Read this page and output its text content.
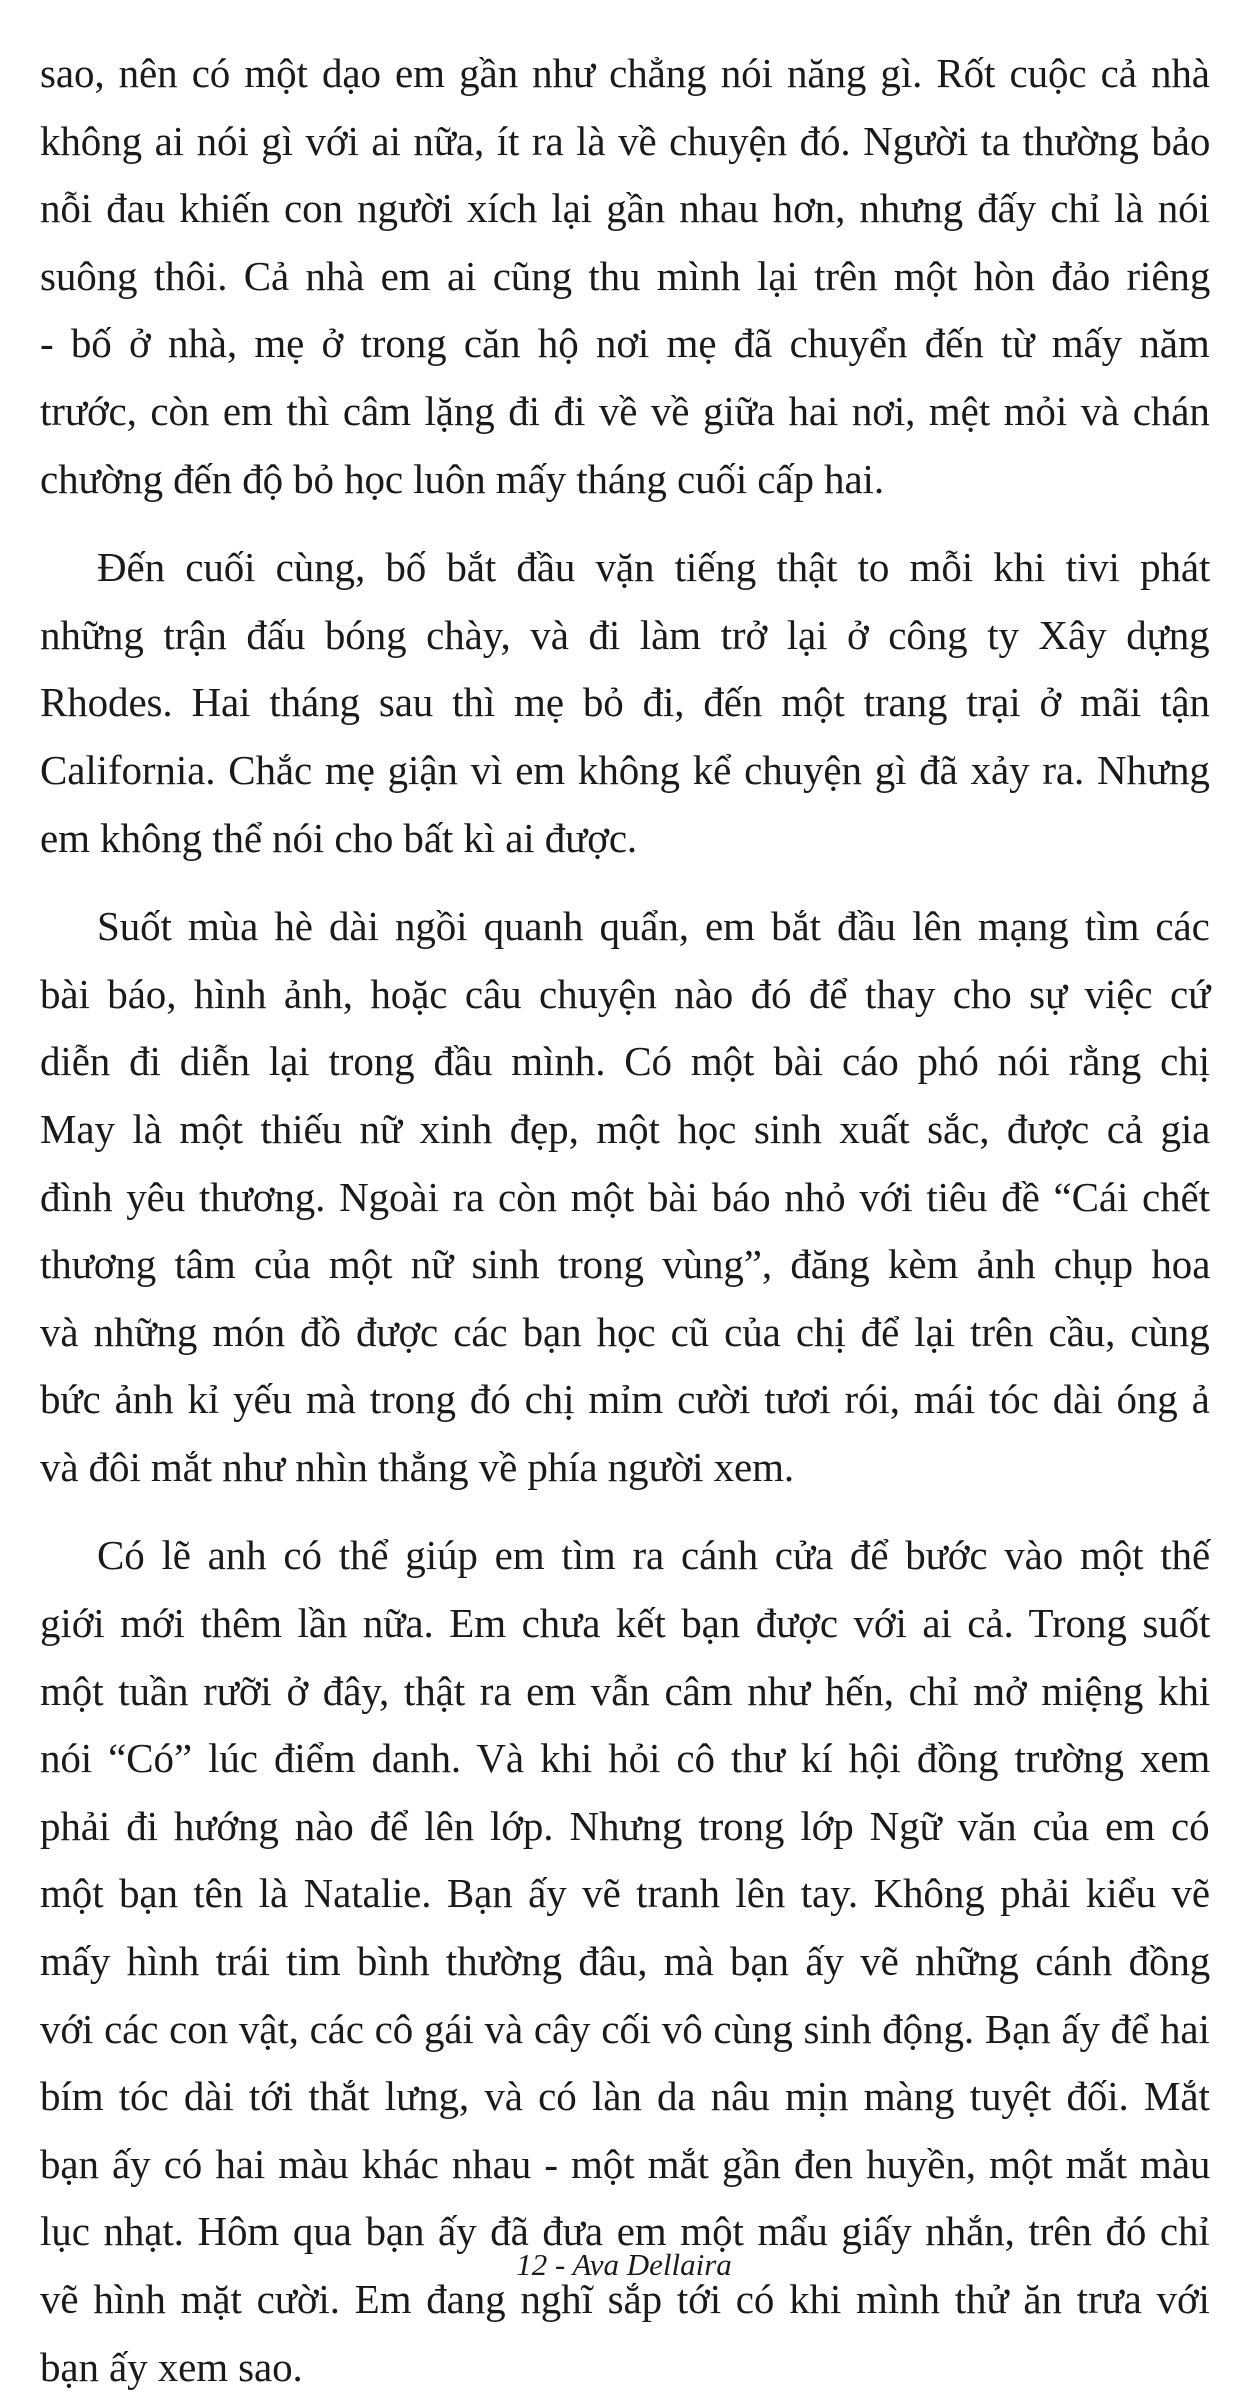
sao, nên có một dạo em gần như chẳng nói năng gì. Rốt cuộc cả nhà
không ai nói gì với ai nữa, ít ra là về chuyện đó. Người ta thường bảo
nỗi đau khiến con người xích lại gần nhau hơn, nhưng đấy chỉ là nói
suông thôi. Cả nhà em ai cũng thu mình lại trên một hòn đảo riêng
- bố ở nhà, mẹ ở trong căn hộ nơi mẹ đã chuyển đến từ mấy năm
trước, còn em thì câm lặng đi đi về về giữa hai nơi, mệt mỏi và chán
chường đến độ bỏ học luôn mấy tháng cuối cấp hai.
Đến cuối cùng, bố bắt đầu vặn tiếng thật to mỗi khi tivi phát
những trận đấu bóng chày, và đi làm trở lại ở công ty Xây dựng
Rhodes. Hai tháng sau thì mẹ bỏ đi, đến một trang trại ở mãi tận
California. Chắc mẹ giận vì em không kể chuyện gì đã xảy ra. Nhưng
em không thể nói cho bất kì ai được.
Suốt mùa hè dài ngồi quanh quẩn, em bắt đầu lên mạng tìm các
bài báo, hình ảnh, hoặc câu chuyện nào đó để thay cho sự việc cứ
diễn đi diễn lại trong đầu mình. Có một bài cáo phó nói rằng chị
May là một thiếu nữ xinh đẹp, một học sinh xuất sắc, được cả gia
đình yêu thương. Ngoài ra còn một bài báo nhỏ với tiêu đề “Cái chết
thương tâm của một nữ sinh trong vùng”, đăng kèm ảnh chụp hoa
và những món đồ được các bạn học cũ của chị để lại trên cầu, cùng
bức ảnh kỉ yếu mà trong đó chị mỉm cười tươi rói, mái tóc dài óng ả
và đôi mắt như nhìn thẳng về phía người xem.
Có lẽ anh có thể giúp em tìm ra cánh cửa để bước vào một thế
giới mới thêm lần nữa. Em chưa kết bạn được với ai cả. Trong suốt
một tuần rưỡi ở đây, thật ra em vẫn câm như hến, chỉ mở miệng khi
nói “Có” lúc điểm danh. Và khi hỏi cô thư kí hội đồng trường xem
phải đi hướng nào để lên lớp. Nhưng trong lớp Ngữ văn của em có
một bạn tên là Natalie. Bạn ấy vẽ tranh lên tay. Không phải kiểu vẽ
mấy hình trái tim bình thường đâu, mà bạn ấy vẽ những cánh đồng
với các con vật, các cô gái và cây cối vô cùng sinh động. Bạn ấy để hai
bím tóc dài tới thắt lưng, và có làn da nâu mịn màng tuyệt đối. Mắt
bạn ấy có hai màu khác nhau - một mắt gần đen huyền, một mắt màu
lục nhạt. Hôm qua bạn ấy đã đưa em một mẩu giấy nhắn, trên đó chỉ
vẽ hình mặt cười. Em đang nghĩ sắp tới có khi mình thử ăn trưa với
bạn ấy xem sao.
12 - Ava Dellaira
